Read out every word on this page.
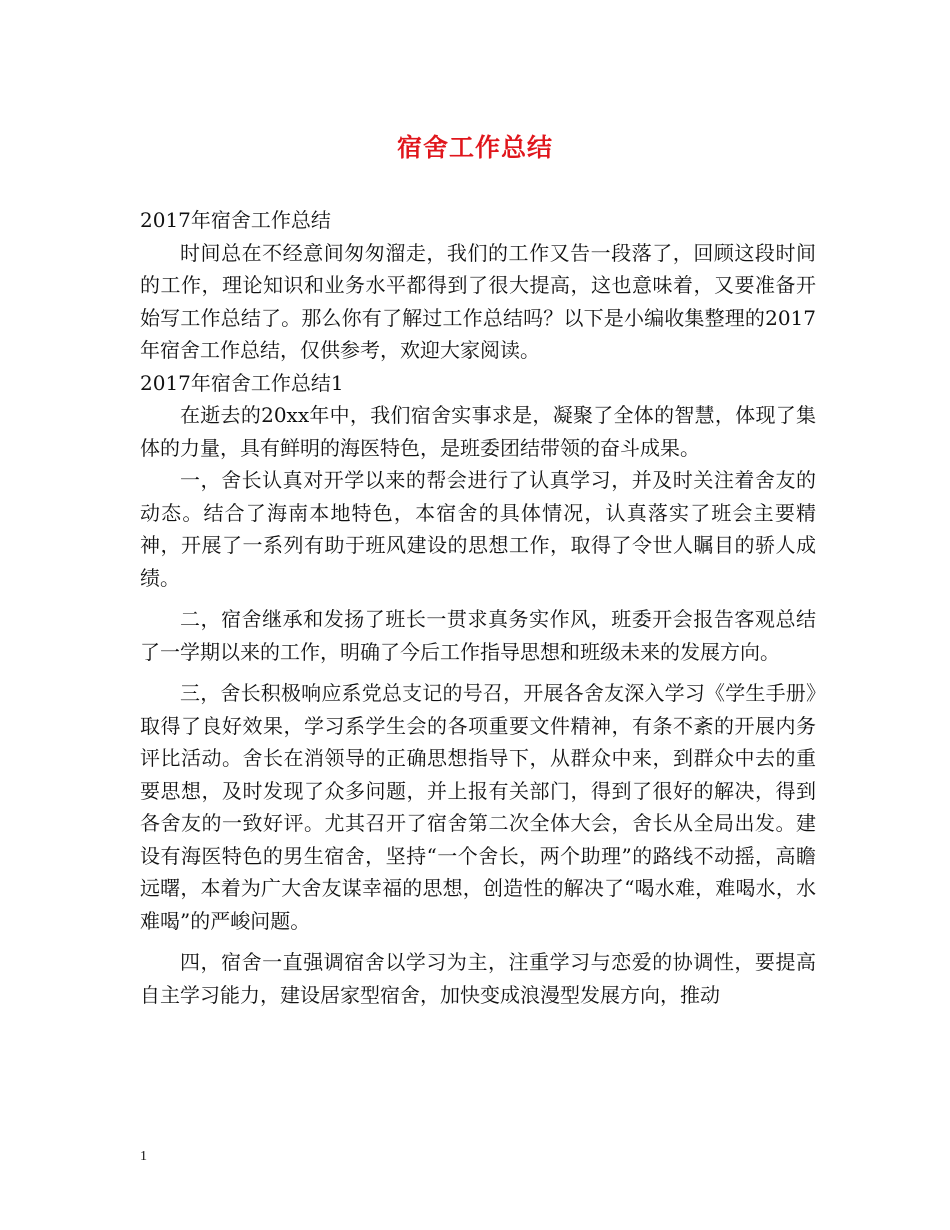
宿舍工作总结

2017年宿舍工作总结

时间总在不经意间匆匆溜走，我们的工作又告一段落了，回顾这段时间的工作，理论知识和业务水平都得到了很大提高，这也意味着，又要准备开始写工作总结了。那么你有了解过工作总结吗？以下是小编收集整理的2017年宿舍工作总结，仅供参考，欢迎大家阅读。

2017年宿舍工作总结1

在逝去的20xx年中，我们宿舍实事求是，凝聚了全体的智慧，体现了集体的力量，具有鲜明的海医特色，是班委团结带领的奋斗成果。

一，舍长认真对开学以来的帮会进行了认真学习，并及时关注着舍友的动态。结合了海南本地特色，本宿舍的具体情况，认真落实了班会主要精神，开展了一系列有助于班风建设的思想工作，取得了令世人瞩目的骄人成绩。

二，宿舍继承和发扬了班长一贯求真务实作风，班委开会报告客观总结了一学期以来的工作，明确了今后工作指导思想和班级未来的发展方向。

三，舍长积极响应系党总支记的号召，开展各舍友深入学习《学生手册》取得了良好效果，学习系学生会的各项重要文件精神，有条不紊的开展内务评比活动。舍长在消领导的正确思想指导下，从群众中来，到群众中去的重要思想，及时发现了众多问题，并上报有关部门，得到了很好的解决，得到各舍友的一致好评。尤其召开了宿舍第二次全体大会，舍长从全局出发。建设有海医特色的男生宿舍，坚持“一个舍长，两个助理”的路线不动摇，高瞻远曙，本着为广大舍友谋幸福的思想，创造性的解决了“喝水难，难喝水，水难喝”的严峻问题。

四，宿舍一直强调宿舍以学习为主，注重学习与恋爱的协调性，要提高自主学习能力，建设居家型宿舍，加快变成浪漫型发展方向，推动

1
